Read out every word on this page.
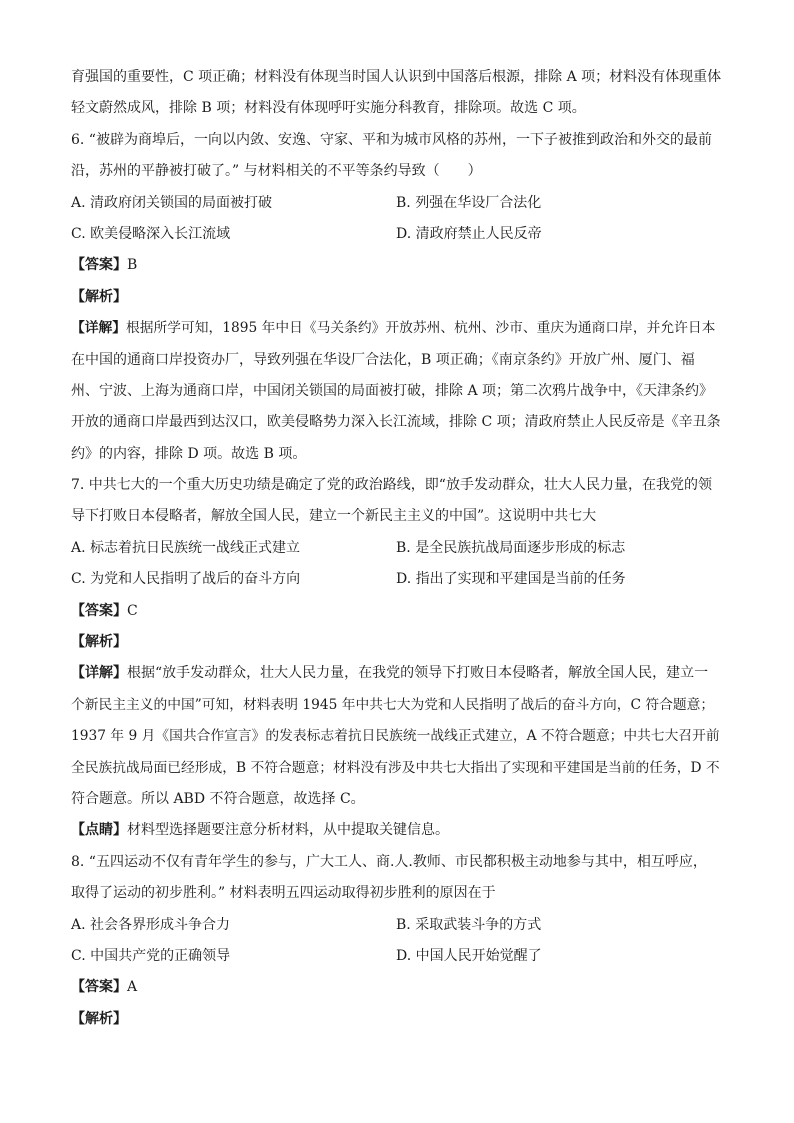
育强国的重要性，C 项正确；材料没有体现当时国人认识到中国落后根源，排除 A 项；材料没有体现重体
轻文蔚然成风，排除 B 项；材料没有体现呼吁实施分科教育，排除项。故选 C 项。
6. “被辟为商埠后，一向以内敛、安逸、守家、平和为城市风格的苏州，一下子被推到政治和外交的最前
沿，苏州的平静被打破了。” 与材料相关的不平等条约导致（　　）
A. 清政府闭关锁国的局面被打破	B. 列强在华设厂合法化
C. 欧美侵略深入长江流域	D. 清政府禁止人民反帝
【答案】B
【解析】
【详解】根据所学可知，1895 年中日《马关条约》开放苏州、杭州、沙市、重庆为通商口岸，并允许日本
在中国的通商口岸投资办厂，导致列强在华设厂合法化，B 项正确；《南京条约》开放广州、厦门、福
州、宁波、上海为通商口岸，中国闭关锁国的局面被打破，排除 A 项；第二次鸦片战争中，《天津条约》
开放的通商口岸最西到达汉口，欧美侵略势力深入长江流域，排除 C 项；清政府禁止人民反帝是《辛丑条
约》的内容，排除 D 项。故选 B 项。
7. 中共七大的一个重大历史功绩是确定了党的政治路线，即“放手发动群众，壮大人民力量，在我党的领
导下打败日本侵略者，解放全国人民，建立一个新民主主义的中国”。这说明中共七大
A. 标志着抗日民族统一战线正式建立	B. 是全民族抗战局面逐步形成的标志
C. 为党和人民指明了战后的奋斗方向	D. 指出了实现和平建国是当前的任务
【答案】C
【解析】
【详解】根据“放手发动群众，壮大人民力量，在我党的领导下打败日本侵略者，解放全国人民，建立一
个新民主主义的中国”可知，材料表明 1945 年中共七大为党和人民指明了战后的奋斗方向，C 符合题意；
1937 年 9 月《国共合作宣言》的发表标志着抗日民族统一战线正式建立，A 不符合题意；中共七大召开前
全民族抗战局面已经形成，B 不符合题意；材料没有涉及中共七大指出了实现和平建国是当前的任务，D 不
符合题意。所以 ABD 不符合题意，故选择 C。
【点睛】材料型选择题要注意分析材料，从中提取关键信息。
8. “五四运动不仅有青年学生的参与，广大工人、商.人.教师、市民都积极主动地参与其中，相互呼应，
取得了运动的初步胜利。” 材料表明五四运动取得初步胜利的原因在于
A. 社会各界形成斗争合力	B. 采取武装斗争的方式
C. 中国共产党的正确领导	D. 中国人民开始觉醒了
【答案】A
【解析】
